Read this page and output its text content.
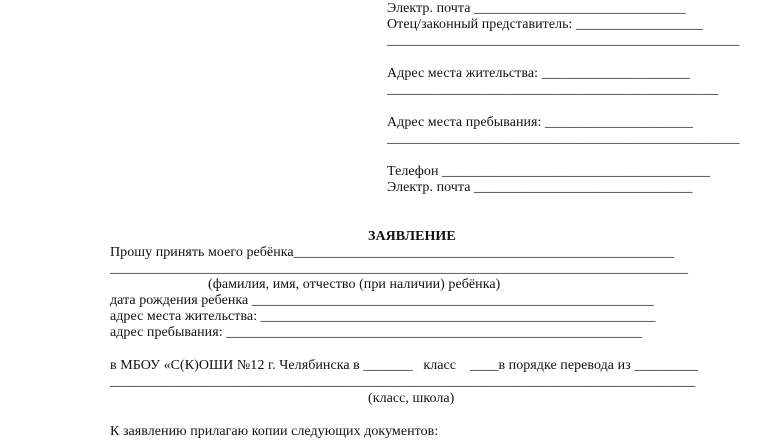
Электр. почта ______________________________
Отец/законный представитель: __________________
__________________________________________________
Адрес места жительства: _____________________
_______________________________________________
Адрес места пребывания: _____________________
__________________________________________________
Телефон ______________________________________
Электр. почта _______________________________
ЗАЯВЛЕНИЕ
Прошу принять моего ребёнка______________________________________________________
__________________________________________________________________________________
(фамилия, имя, отчество (при наличии) ребёнка)
дата рождения ребенка _________________________________________________________
адрес места жительства: ________________________________________________________
адрес пребывания: ___________________________________________________________
в МБОУ «С(К)ОШИ №12 г. Челябинска в _______   класс    ____в порядке перевода из _________
___________________________________________________________________________________
(класс, школа)
К заявлению прилагаю копии следующих документов:
